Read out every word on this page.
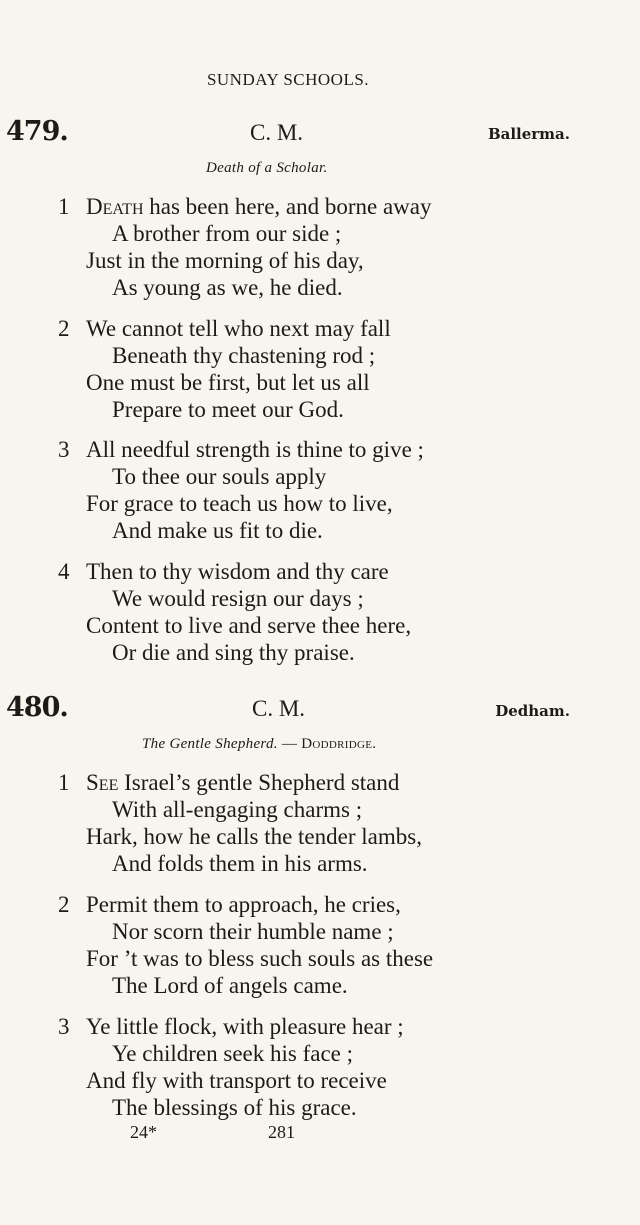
SUNDAY SCHOOLS.
479.	C. M.	Ballerma.
Death of a Scholar.
1 Death has been here, and borne away
A brother from our side ;
Just in the morning of his day,
As young as we, he died.
2 We cannot tell who next may fall
Beneath thy chastening rod ;
One must be first, but let us all
Prepare to meet our God.
3 All needful strength is thine to give ;
To thee our souls apply
For grace to teach us how to live,
And make us fit to die.
4 Then to thy wisdom and thy care
We would resign our days ;
Content to live and serve thee here,
Or die and sing thy praise.
480.	C. M.	Dedham.
The Gentle Shepherd. — Doddridge.
1 See Israel’s gentle Shepherd stand
With all-engaging charms ;
Hark, how he calls the tender lambs,
And folds them in his arms.
2 Permit them to approach, he cries,
Nor scorn their humble name ;
For ’t was to bless such souls as these
The Lord of angels came.
3 Ye little flock, with pleasure hear ;
Ye children seek his face ;
And fly with transport to receive
The blessings of his grace.
24*	281
